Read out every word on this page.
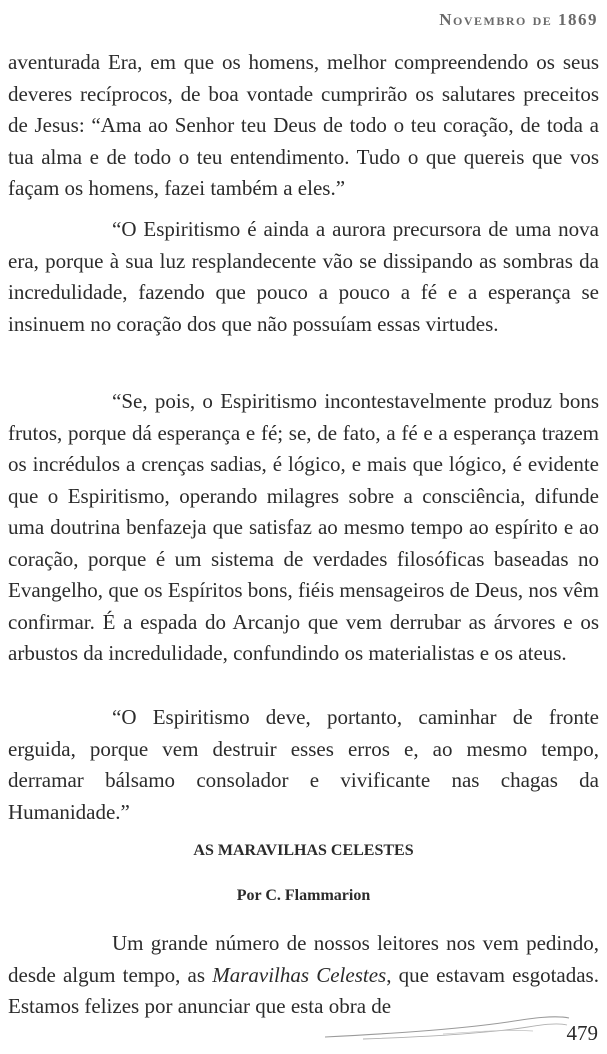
Novembro de 1869

aventurada Era, em que os homens, melhor compreendendo os seus deveres recíprocos, de boa vontade cumprirão os salutares preceitos de Jesus: “Ama ao Senhor teu Deus de todo o teu coração, de toda a tua alma e de todo o teu entendimento. Tudo o que quereis que vos façam os homens, fazei também a eles.”

“O Espiritismo é ainda a aurora precursora de uma nova era, porque à sua luz resplandecente vão se dissipando as sombras da incredulidade, fazendo que pouco a pouco a fé e a esperança se insinuem no coração dos que não possuíam essas virtudes.

“Se, pois, o Espiritismo incontestavelmente produz bons frutos, porque dá esperança e fé; se, de fato, a fé e a esperança trazem os incrédulos a crenças sadias, é lógico, e mais que lógico, é evidente que o Espiritismo, operando milagres sobre a consciência, difunde uma doutrina benfazeja que satisfaz ao mesmo tempo ao espírito e ao coração, porque é um sistema de verdades filosóficas baseadas no Evangelho, que os Espíritos bons, fiéis mensageiros de Deus, nos vêm confirmar. É a espada do Arcanjo que vem derrubar as árvores e os arbustos da incredulidade, confundindo os materialistas e os ateus.

“O Espiritismo deve, portanto, caminhar de fronte erguida, porque vem destruir esses erros e, ao mesmo tempo, derramar bálsamo consolador e vivificante nas chagas da Humanidade.”

AS MARAVILHAS CELESTES
Por C. Flammarion

Um grande número de nossos leitores nos vem pedindo, desde algum tempo, as Maravilhas Celestes, que estavam esgotadas. Estamos felizes por anunciar que esta obra de

479
